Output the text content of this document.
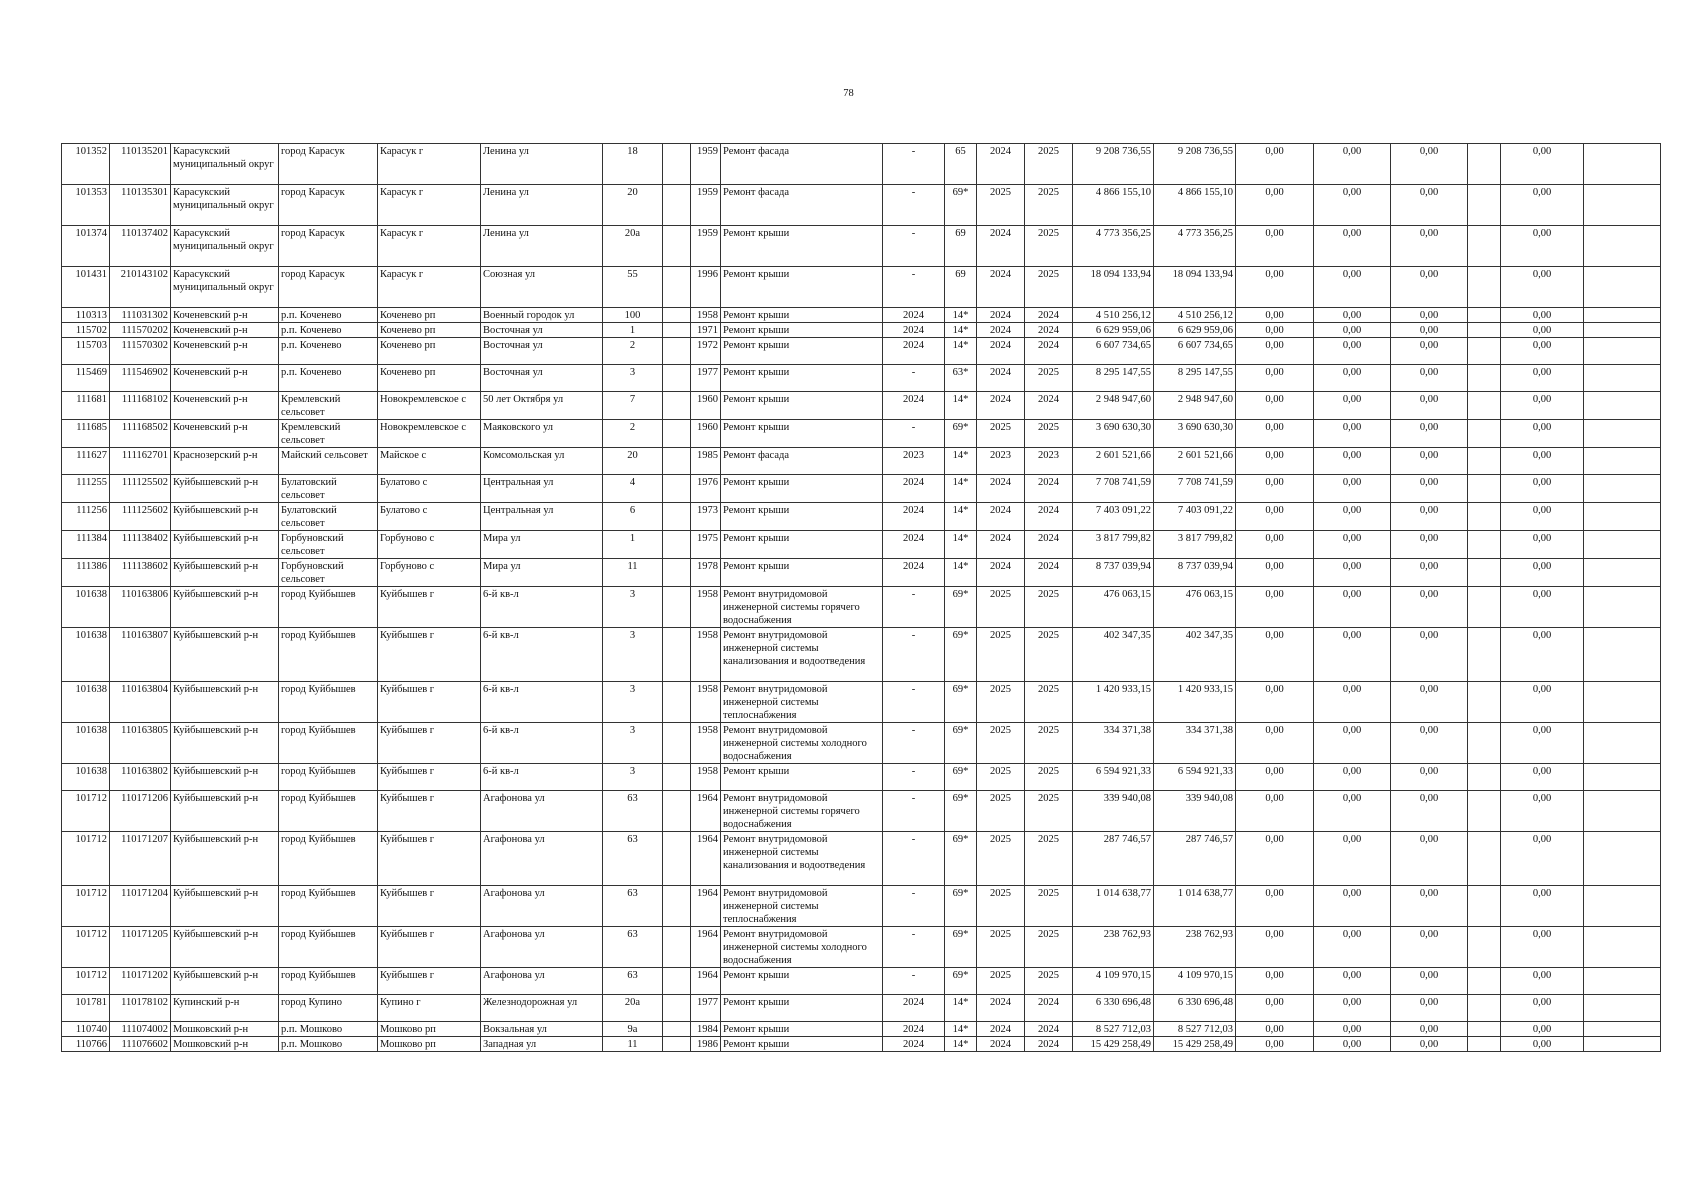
78
101352	110135201	Карасукский муниципальный округ	город Карасук	Карасук г	Ленина ул	18		1959	Ремонт фасада	-	65	2024	2025	9 208 736,55	9 208 736,55	0,00	0,00	0,00		0,00	
101353	110135301	Карасукский муниципальный округ	город Карасук	Карасук г	Ленина ул	20		1959	Ремонт фасада	-	69*	2025	2025	4 866 155,10	4 866 155,10	0,00	0,00	0,00		0,00	
101374	110137402	Карасукский муниципальный округ	город Карасук	Карасук г	Ленина ул	20а		1959	Ремонт крыши	-	69	2024	2025	4 773 356,25	4 773 356,25	0,00	0,00	0,00		0,00	
101431	210143102	Карасукский муниципальный округ	город Карасук	Карасук г	Союзная ул	55		1996	Ремонт крыши	-	69	2024	2025	18 094 133,94	18 094 133,94	0,00	0,00	0,00		0,00	
110313	111031302	Коченевский р-н	р.п. Коченево	Коченево рп	Военный городок ул	100		1958	Ремонт крыши	2024	14*	2024	2024	4 510 256,12	4 510 256,12	0,00	0,00	0,00		0,00	
115702	111570202	Коченевский р-н	р.п. Коченево	Коченево рп	Восточная ул	1		1971	Ремонт крыши	2024	14*	2024	2024	6 629 959,06	6 629 959,06	0,00	0,00	0,00		0,00	
115703	111570302	Коченевский р-н	р.п. Коченево	Коченево рп	Восточная ул	2		1972	Ремонт крыши	2024	14*	2024	2024	6 607 734,65	6 607 734,65	0,00	0,00	0,00		0,00	
115469	111546902	Коченевский р-н	р.п. Коченево	Коченево рп	Восточная ул	3		1977	Ремонт крыши	-	63*	2024	2025	8 295 147,55	8 295 147,55	0,00	0,00	0,00		0,00	
111681	111168102	Коченевский р-н	Кремлевский сельсовет	Новокремлевское с	50 лет Октября ул	7		1960	Ремонт крыши	2024	14*	2024	2024	2 948 947,60	2 948 947,60	0,00	0,00	0,00		0,00	
111685	111168502	Коченевский р-н	Кремлевский сельсовет	Новокремлевское с	Маяковского ул	2		1960	Ремонт крыши	-	69*	2025	2025	3 690 630,30	3 690 630,30	0,00	0,00	0,00		0,00	
111627	111162701	Краснозерский р-н	Майский сельсовет	Майское с	Комсомольская ул	20		1985	Ремонт фасада	2023	14*	2023	2023	2 601 521,66	2 601 521,66	0,00	0,00	0,00		0,00	
111255	111125502	Куйбышевский р-н	Булатовский сельсовет	Булатово с	Центральная ул	4		1976	Ремонт крыши	2024	14*	2024	2024	7 708 741,59	7 708 741,59	0,00	0,00	0,00		0,00	
111256	111125602	Куйбышевский р-н	Булатовский сельсовет	Булатово с	Центральная ул	6		1973	Ремонт крыши	2024	14*	2024	2024	7 403 091,22	7 403 091,22	0,00	0,00	0,00		0,00	
111384	111138402	Куйбышевский р-н	Горбуновский сельсовет	Горбуново с	Мира ул	1		1975	Ремонт крыши	2024	14*	2024	2024	3 817 799,82	3 817 799,82	0,00	0,00	0,00		0,00	
111386	111138602	Куйбышевский р-н	Горбуновский сельсовет	Горбуново с	Мира ул	11		1978	Ремонт крыши	2024	14*	2024	2024	8 737 039,94	8 737 039,94	0,00	0,00	0,00		0,00	
101638	110163806	Куйбышевский р-н	город Куйбышев	Куйбышев г	6-й кв-л	3		1958	Ремонт внутридомовой инженерной системы горячего водоснабжения	-	69*	2025	2025	476 063,15	476 063,15	0,00	0,00	0,00		0,00	
101638	110163807	Куйбышевский р-н	город Куйбышев	Куйбышев г	6-й кв-л	3		1958	Ремонт внутридомовой инженерной системы канализования и водоотведения	-	69*	2025	2025	402 347,35	402 347,35	0,00	0,00	0,00		0,00	
101638	110163804	Куйбышевский р-н	город Куйбышев	Куйбышев г	6-й кв-л	3		1958	Ремонт внутридомовой инженерной системы теплоснабжения	-	69*	2025	2025	1 420 933,15	1 420 933,15	0,00	0,00	0,00		0,00	
101638	110163805	Куйбышевский р-н	город Куйбышев	Куйбышев г	6-й кв-л	3		1958	Ремонт внутридомовой инженерной системы холодного водоснабжения	-	69*	2025	2025	334 371,38	334 371,38	0,00	0,00	0,00		0,00	
101638	110163802	Куйбышевский р-н	город Куйбышев	Куйбышев г	6-й кв-л	3		1958	Ремонт крыши	-	69*	2025	2025	6 594 921,33	6 594 921,33	0,00	0,00	0,00		0,00	
101712	110171206	Куйбышевский р-н	город Куйбышев	Куйбышев г	Агафонова ул	63		1964	Ремонт внутридомовой инженерной системы горячего водоснабжения	-	69*	2025	2025	339 940,08	339 940,08	0,00	0,00	0,00		0,00	
101712	110171207	Куйбышевский р-н	город Куйбышев	Куйбышев г	Агафонова ул	63		1964	Ремонт внутридомовой инженерной системы канализования и водоотведения	-	69*	2025	2025	287 746,57	287 746,57	0,00	0,00	0,00		0,00	
101712	110171204	Куйбышевский р-н	город Куйбышев	Куйбышев г	Агафонова ул	63		1964	Ремонт внутридомовой инженерной системы теплоснабжения	-	69*	2025	2025	1 014 638,77	1 014 638,77	0,00	0,00	0,00		0,00	
101712	110171205	Куйбышевский р-н	город Куйбышев	Куйбышев г	Агафонова ул	63		1964	Ремонт внутридомовой инженерной системы холодного водоснабжения	-	69*	2025	2025	238 762,93	238 762,93	0,00	0,00	0,00		0,00	
101712	110171202	Куйбышевский р-н	город Куйбышев	Куйбышев г	Агафонова ул	63		1964	Ремонт крыши	-	69*	2025	2025	4 109 970,15	4 109 970,15	0,00	0,00	0,00		0,00	
101781	110178102	Купинский р-н	город Купино	Купино г	Железнодорожная ул	20а		1977	Ремонт крыши	2024	14*	2024	2024	6 330 696,48	6 330 696,48	0,00	0,00	0,00		0,00	
110740	111074002	Мошковский р-н	р.п. Мошково	Мошково рп	Вокзальная ул	9а		1984	Ремонт крыши	2024	14*	2024	2024	8 527 712,03	8 527 712,03	0,00	0,00	0,00		0,00	
110766	111076602	Мошковский р-н	р.п. Мошково	Мошково рп	Западная ул	11		1986	Ремонт крыши	2024	14*	2024	2024	15 429 258,49	15 429 258,49	0,00	0,00	0,00		0,00	
